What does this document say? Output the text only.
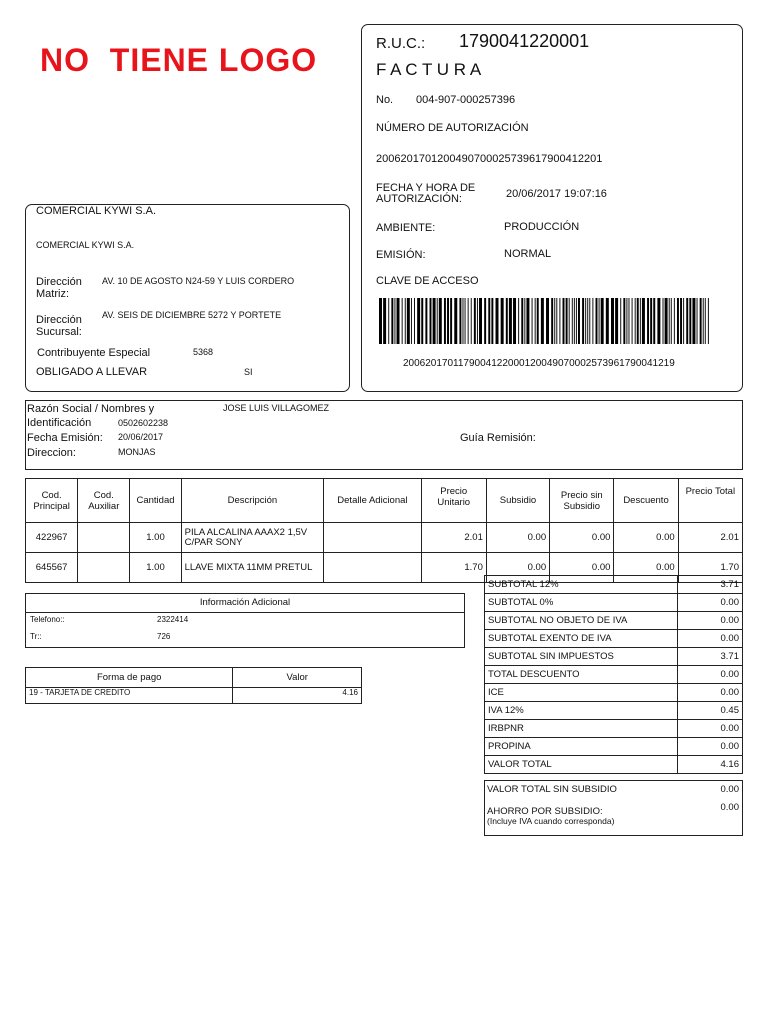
NO  TIENE LOGO	R.U.C.: 1790041220001
F A C T U R A
No. 004-907-000257396
NÚMERO DE AUTORIZACIÓN
2006201701200490700025739617900412201
FECHA Y HORA DE AUTORIZACIÓN:	20/06/2017 19:07:16
AMBIENTE:	PRODUCCIÓN
EMISIÓN:	NORMAL
CLAVE DE ACCESO
2006201701179004122000120049070002573961790041219
COMERCIAL KYWI S.A.
COMERCIAL KYWI S.A.
Dirección Matriz:
AV. 10 DE AGOSTO N24-59 Y LUIS CORDERO
Dirección Sucursal:
AV. SEIS DE DICIEMBRE 5272 Y PORTETE
Contribuyente Especial	5368
OBLIGADO A LLEVAR	SI
Razón Social / Nombres y	JOSE LUIS VILLAGOMEZ
Identificación	0502602238
Fecha Emisión: 20/06/2017	Guía Remisión:
Direccion:	MONJAS
Cod. Principal	Cod. Auxiliar	Cantidad	Descripción	Detalle Adicional	Precio Unitario	Subsidio	Precio sin Subsidio	Descuento	Precio Total
422967		1.00	PILA ALCALINA AAAX2 1,5V C/PAR SONY		2.01	0.00	0.00	0.00	2.01
645567		1.00	LLAVE MIXTA 11MM PRETUL		1.70	0.00	0.00	0.00	1.70
SUBTOTAL 12%	3.71
SUBTOTAL 0%	0.00
SUBTOTAL NO OBJETO DE IVA	0.00
SUBTOTAL EXENTO DE IVA	0.00
SUBTOTAL SIN IMPUESTOS	3.71
TOTAL DESCUENTO	0.00
ICE	0.00
IVA 12%	0.45
IRBPNR	0.00
PROPINA	0.00
VALOR TOTAL	4.16
VALOR TOTAL SIN SUBSIDIO	0.00
AHORRO POR SUBSIDIO:
(Incluye IVA cuando corresponda)
0.00
Información Adicional
Telefono::	2322414
Tr::	726
Forma de pago	Valor
19 - TARJETA DE CREDITO	4.16
